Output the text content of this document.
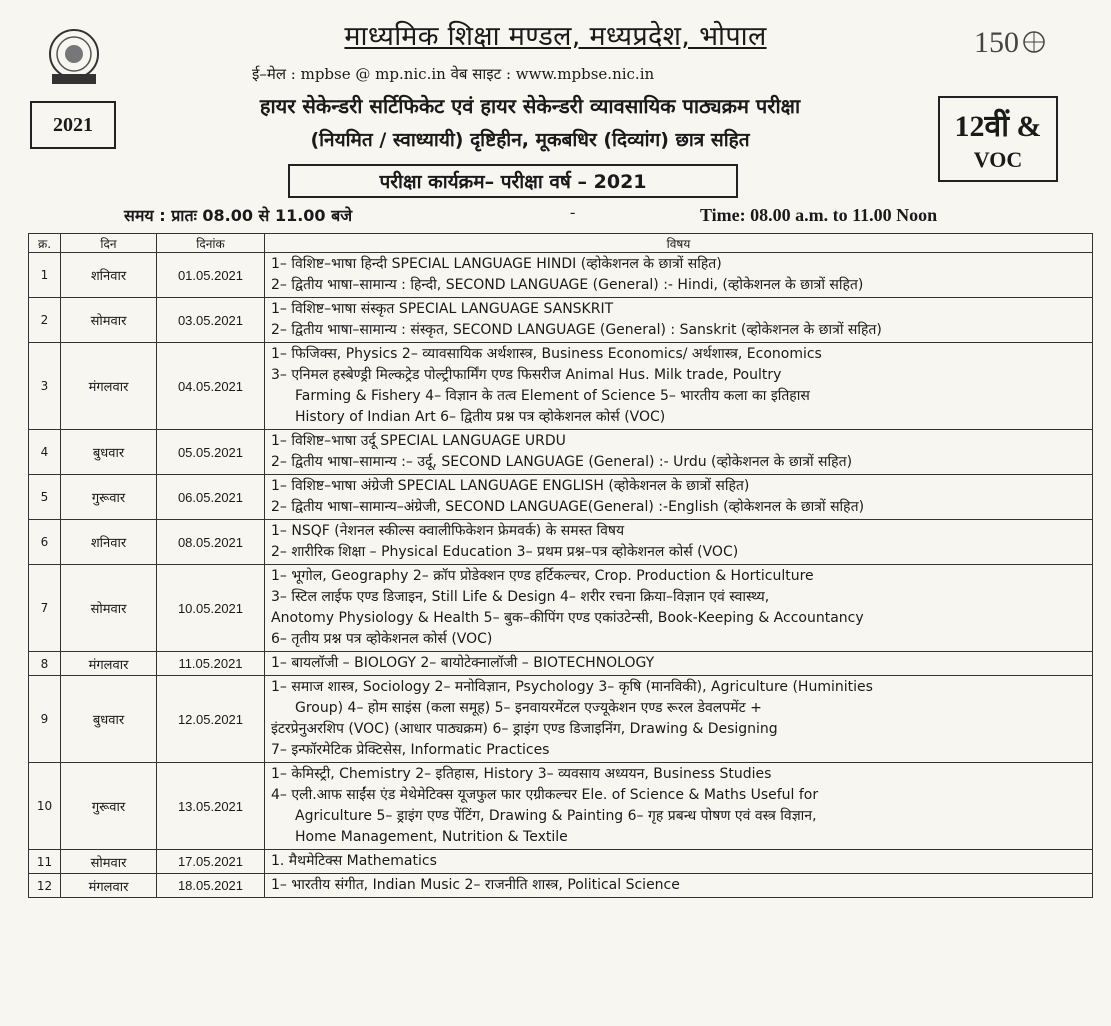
2021
माध्यमिक शिक्षा मण्डल, मध्यप्रदेश, भोपाल
ई–मेल : mpbse @ mp.nic.in वेब साइट : www.mpbse.nic.in
हायर सेकेन्डरी सर्टिफिकेट एवं हायर सेकेन्डरी व्यावसायिक पाठ्यक्रम परीक्षा
(नियमित / स्वाध्यायी) दृष्टिहीन, मूकबधिर (दिव्यांग) छात्र सहित
150
12वीं &
VOC
परीक्षा कार्यक्रम– परीक्षा वर्ष – 2021
समय : प्रातः 08.00 से 11.00 बजे	-	Time: 08.00 a.m. to 11.00 Noon
क्र.	दिन	दिनांक	विषय
1	शनिवार	01.05.2021	1– विशिष्ट–भाषा हिन्दी SPECIAL LANGUAGE HINDI (व्होकेशनल के छात्रों सहित)
2– द्वितीय भाषा–सामान्य : हिन्दी, SECOND LANGUAGE (General) :- Hindi, (व्होकेशनल के छात्रों सहित)

2	सोमवार	03.05.2021	1– विशिष्ट–भाषा संस्कृत SPECIAL LANGUAGE SANSKRIT
2– द्वितीय भाषा–सामान्य : संस्कृत, SECOND LANGUAGE (General) : Sanskrit (व्होकेशनल के छात्रों सहित)

3	मंगलवार	04.05.2021	1– फिजिक्स, Physics 2– व्यावसायिक अर्थशास्त्र, Business Economics/ अर्थशास्त्र, Economics
3– एनिमल हस्बेण्ड्री मिल्कट्रेड पोल्ट्रीफार्मिंग एण्ड फिसरीज Animal Hus. Milk trade, Poultry
Farming & Fishery 4– विज्ञान के तत्व Element of Science 5– भारतीय कला का इतिहास
History of Indian Art 6– द्वितीय प्रश्न पत्र व्होकेशनल कोर्स (VOC)

4	बुधवार	05.05.2021	1– विशिष्ट–भाषा उर्दू SPECIAL LANGUAGE URDU
2– द्वितीय भाषा–सामान्य :– उर्दू, SECOND LANGUAGE (General) :- Urdu (व्होकेशनल के छात्रों सहित)

5	गुरूवार	06.05.2021	1– विशिष्ट–भाषा अंग्रेजी SPECIAL LANGUAGE ENGLISH (व्होकेशनल के छात्रों सहित)
2– द्वितीय भाषा–सामान्य–अंग्रेजी, SECOND LANGUAGE(General) :-English (व्होकेशनल के छात्रों सहित)

6	शनिवार	08.05.2021	1– NSQF (नेशनल स्कील्स क्वालीफिकेशन फ्रेमवर्क) के समस्त विषय
2– शारीरिक शिक्षा – Physical Education 3– प्रथम प्रश्न–पत्र व्होकेशनल कोर्स (VOC)

7	सोमवार	10.05.2021	1– भूगोल, Geography 2– क्रॉप प्रोडेक्शन एण्ड हर्टिकल्चर, Crop. Production & Horticulture
3– स्टिल लाईफ एण्ड डिजाइन, Still Life & Design 4– शरीर रचना क्रिया–विज्ञान एवं स्वास्थ्य,
Anotomy Physiology & Health 5– बुक–कीपिंग एण्ड एकांउटेन्सी, Book-Keeping & Accountancy
6– तृतीय प्रश्न पत्र व्होकेशनल कोर्स (VOC)

8	मंगलवार	11.05.2021	1– बायलॉजी – BIOLOGY 2– बायोटेक्नालॉजी – BIOTECHNOLOGY

9	बुधवार	12.05.2021	1– समाज शास्त्र, Sociology 2– मनोविज्ञान, Psychology 3– कृषि (मानविकी), Agriculture (Huminities
Group) 4– होम साइंस (कला समूह) 5– इनवायरमेंटल एज्यूकेशन एण्ड रूरल डेवलपमेंट +
इंटरप्रेनुअरशिप (VOC) (आधार पाठ्यक्रम) 6– ड्राइंग एण्ड डिजाइनिंग, Drawing & Designing
7– इन्फॉरमेटिक प्रेक्टिसेस, Informatic Practices

10	गुरूवार	13.05.2021	1– केमिस्ट्री, Chemistry 2– इतिहास, History 3– व्यवसाय अध्ययन, Business Studies
4– एली.आफ साईंस एंड मेथेमेटिक्स यूजफुल फार एग्रीकल्चर Ele. of Science & Maths Useful for
Agriculture 5– ड्राइंग एण्ड पेंटिंग, Drawing & Painting 6– गृह प्रबन्ध पोषण एवं वस्त्र विज्ञान,
Home Management, Nutrition & Textile

11	सोमवार	17.05.2021	1. मैथमेटिक्स Mathematics

12	मंगलवार	18.05.2021	1– भारतीय संगीत, Indian Music 2– राजनीति शास्त्र, Political Science
